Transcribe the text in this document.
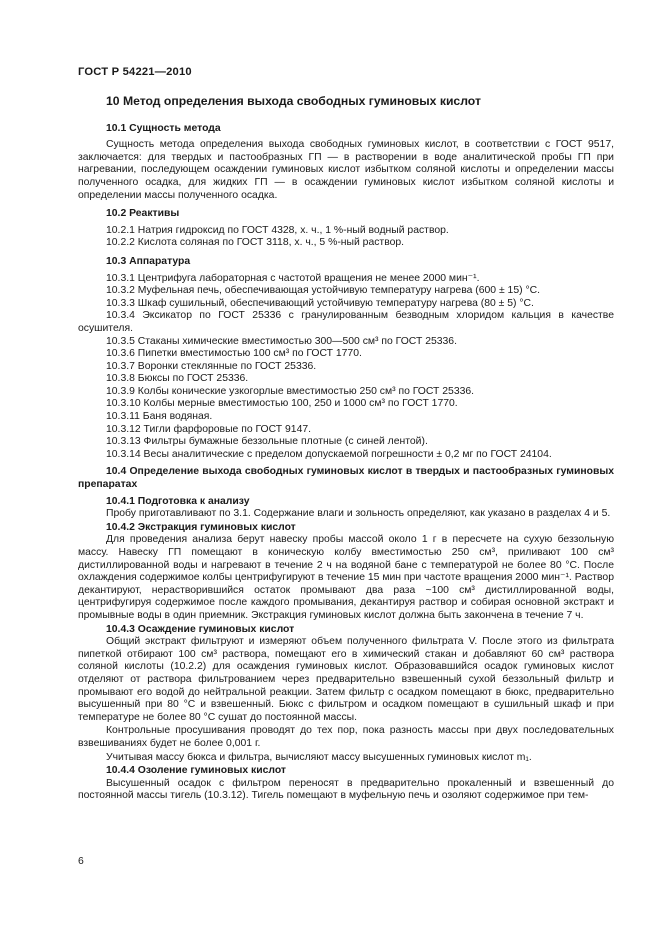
ГОСТ Р 54221—2010
10 Метод определения выхода свободных гуминовых кислот
10.1 Сущность метода
Сущность метода определения выхода свободных гуминовых кислот, в соответствии с ГОСТ 9517, заключается: для твердых и пастообразных ГП — в растворении в воде аналитической пробы ГП при нагревании, последующем осаждении гуминовых кислот избытком соляной кислоты и определении массы полученного осадка, для жидких ГП — в осаждении гуминовых кислот избытком соляной кислоты и определении массы полученного осадка.
10.2 Реактивы
10.2.1 Натрия гидроксид по ГОСТ 4328, х. ч., 1 %-ный водный раствор.
10.2.2 Кислота соляная по ГОСТ 3118, х. ч., 5 %-ный раствор.
10.3 Аппаратура
10.3.1 Центрифуга лабораторная с частотой вращения не менее 2000 мин⁻¹.
10.3.2 Муфельная печь, обеспечивающая устойчивую температуру нагрева (600 ± 15) °С.
10.3.3 Шкаф сушильный, обеспечивающий устойчивую температуру нагрева (80 ± 5) °С.
10.3.4 Эксикатор по ГОСТ 25336 с гранулированным безводным хлоридом кальция в качестве осушителя.
10.3.5 Стаканы химические вместимостью 300—500 см³ по ГОСТ 25336.
10.3.6 Пипетки вместимостью 100 см³ по ГОСТ 1770.
10.3.7 Воронки стеклянные по ГОСТ 25336.
10.3.8 Бюксы по ГОСТ 25336.
10.3.9 Колбы конические узкогорлые вместимостью 250 см³ по ГОСТ 25336.
10.3.10 Колбы мерные вместимостью 100, 250 и 1000 см³ по ГОСТ 1770.
10.3.11 Баня водяная.
10.3.12 Тигли фарфоровые по ГОСТ 9147.
10.3.13 Фильтры бумажные беззольные плотные (с синей лентой).
10.3.14 Весы аналитические с пределом допускаемой погрешности ± 0,2 мг по ГОСТ 24104.
10.4 Определение выхода свободных гуминовых кислот в твердых и пастообразных гуминовых препаратах
10.4.1 Подготовка к анализу
Пробу приготавливают по 3.1. Содержание влаги и зольность определяют, как указано в разделах 4 и 5.
10.4.2 Экстракция гуминовых кислот
Для проведения анализа берут навеску пробы массой около 1 г в пересчете на сухую беззольную массу. Навеску ГП помещают в коническую колбу вместимостью 250 см³, приливают 100 см³ дистиллированной воды и нагревают в течение 2 ч на водяной бане с температурой не более 80 °С. После охлаждения содержимое колбы центрифугируют в течение 15 мин при частоте вращения 2000 мин⁻¹. Раствор декантируют, нерастворившийся остаток промывают два раза ~100 см³ дистиллированной воды, центрифугируя содержимое после каждого промывания, декантируя раствор и собирая основной экстракт и промывные воды в один приемник. Экстракция гуминовых кислот должна быть закончена в течение 7 ч.
10.4.3 Осаждение гуминовых кислот
Общий экстракт фильтруют и измеряют объем полученного фильтрата V. После этого из фильтрата пипеткой отбирают 100 см³ раствора, помещают его в химический стакан и добавляют 60 см³ раствора соляной кислоты (10.2.2) для осаждения гуминовых кислот. Образовавшийся осадок гуминовых кислот отделяют от раствора фильтрованием через предварительно взвешенный сухой беззольный фильтр и промывают его водой до нейтральной реакции. Затем фильтр с осадком помещают в бюкс, предварительно высушенный при 80 °С и взвешенный. Бюкс с фильтром и осадком помещают в сушильный шкаф и при температуре не более 80 °С сушат до постоянной массы.
Контрольные просушивания проводят до тех пор, пока разность массы при двух последовательных взвешиваниях будет не более 0,001 г.
Учитывая массу бюкса и фильтра, вычисляют массу высушенных гуминовых кислот m₁.
10.4.4 Озоление гуминовых кислот
Высушенный осадок с фильтром переносят в предварительно прокаленный и взвешенный до постоянной массы тигель (10.3.12). Тигель помещают в муфельную печь и озоляют содержимое при тем-
6
